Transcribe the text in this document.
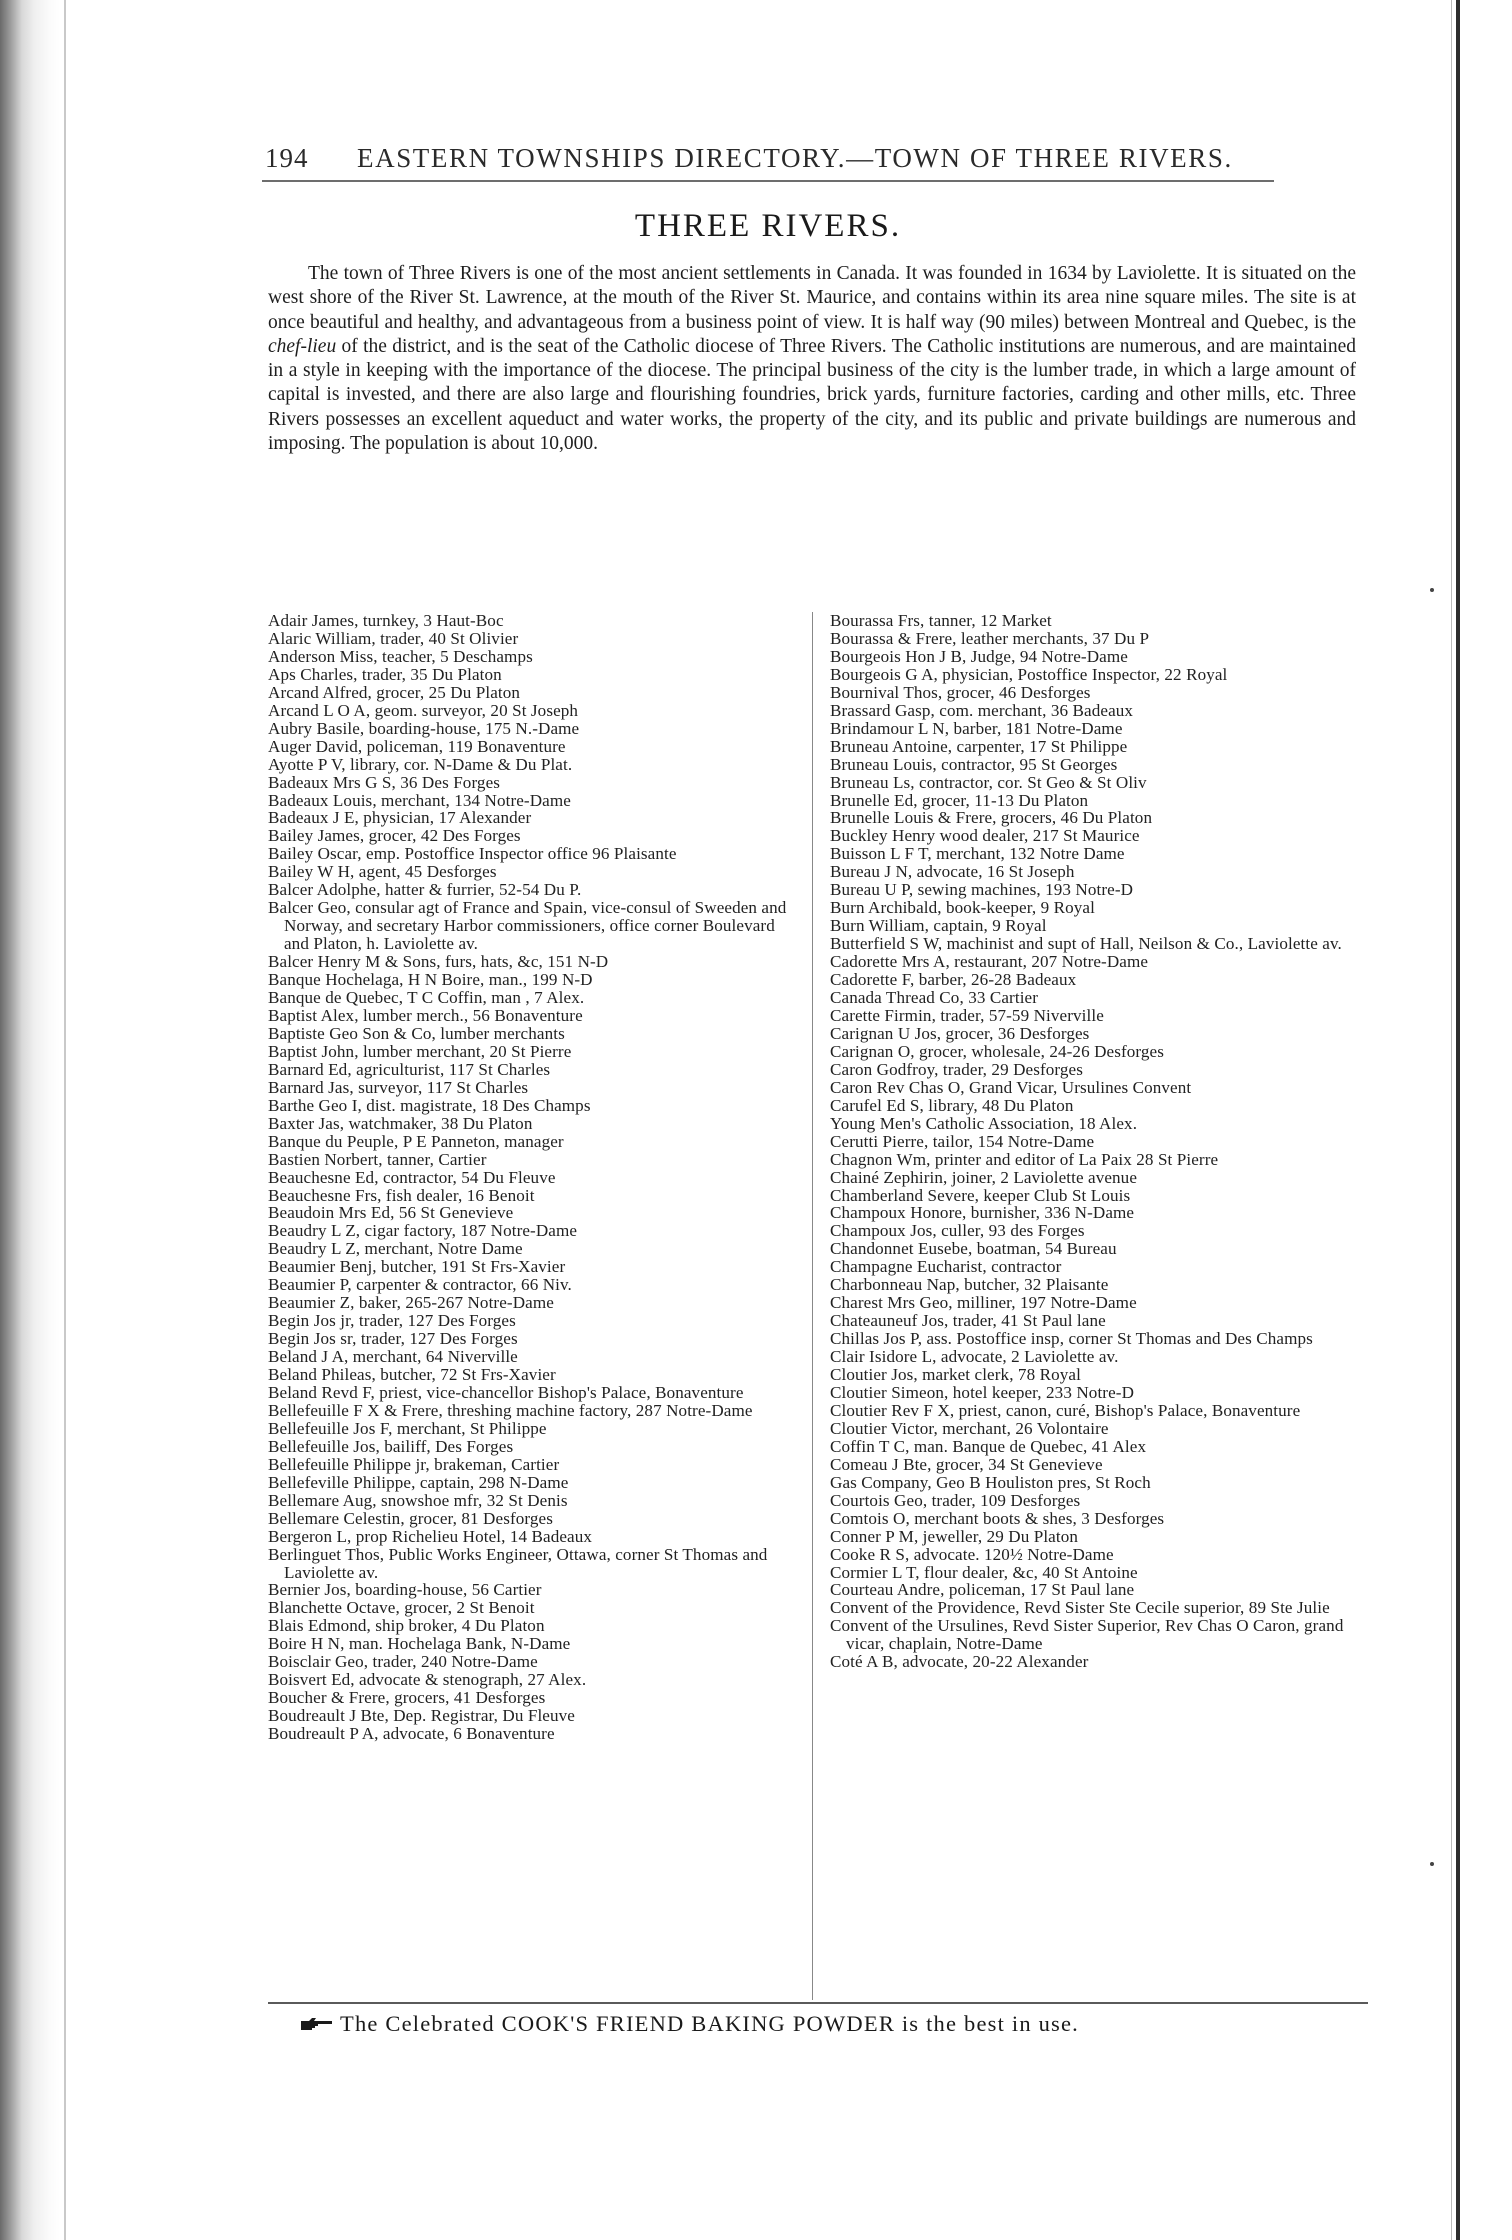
194 EASTERN TOWNSHIPS DIRECTORY.—TOWN OF THREE RIVERS.
THREE RIVERS.
The town of Three Rivers is one of the most ancient settlements in Canada. It was founded in 1634 by Laviolette. It is situated on the west shore of the River St. Lawrence, at the mouth of the River St. Maurice, and contains within its area nine square miles. The site is at once beautiful and healthy, and advantageous from a business point of view. It is half way (90 miles) between Montreal and Quebec, is the chef-lieu of the district, and is the seat of the Catholic diocese of Three Rivers. The Catholic institutions are numerous, and are maintained in a style in keeping with the importance of the diocese. The principal business of the city is the lumber trade, in which a large amount of capital is invested, and there are also large and flourishing foundries, brick yards, furniture factories, carding and other mills, etc. Three Rivers possesses an excellent aqueduct and water works, the property of the city, and its public and private buildings are numerous and imposing. The population is about 10,000.
Adair James, turnkey, 3 Haut-Boc
Alaric William, trader, 40 St Olivier
Anderson Miss, teacher, 5 Deschamps
Aps Charles, trader, 35 Du Platon
Arcand Alfred, grocer, 25 Du Platon
Arcand L O A, geom. surveyor, 20 St Joseph
Aubry Basile, boarding-house, 175 N.-Dame
Auger David, policeman, 119 Bonaventure
Ayotte P V, library, cor. N-Dame & Du Plat.
Badeaux Mrs G S, 36 Des Forges
Badeaux Louis, merchant, 134 Notre-Dame
Badeaux J E, physician, 17 Alexander
Bailey James, grocer, 42 Des Forges
Bailey Oscar, emp. Postoffice Inspector office 96 Plaisante
Bailey W H, agent, 45 Desforges
Balcer Adolphe, hatter & furrier, 52-54 Du P.
Balcer Geo, consular agt of France and Spain, vice-consul of Sweeden and Norway, and secretary Harbor commissioners, office corner Boulevard and Platon, h. Laviolette av.
Balcer Henry M & Sons, furs, hats, &c, 151 N-D
Banque Hochelaga, H N Boire, man., 199 N-D
Banque de Quebec, T C Coffin, man , 7 Alex.
Baptist Alex, lumber merch., 56 Bonaventure
Baptiste Geo Son & Co, lumber merchants
Baptist John, lumber merchant, 20 St Pierre
Barnard Ed, agriculturist, 117 St Charles
Barnard Jas, surveyor, 117 St Charles
Barthe Geo I, dist. magistrate, 18 Des Champs
Baxter Jas, watchmaker, 38 Du Platon
Banque du Peuple, P E Panneton, manager
Bastien Norbert, tanner, Cartier
Beauchesne Ed, contractor, 54 Du Fleuve
Beauchesne Frs, fish dealer, 16 Benoit
Beaudoin Mrs Ed, 56 St Genevieve
Beaudry L Z, cigar factory, 187 Notre-Dame
Beaudry L Z, merchant, Notre Dame
Beaumier Benj, butcher, 191 St Frs-Xavier
Beaumier P, carpenter & contractor, 66 Niv.
Beaumier Z, baker, 265-267 Notre-Dame
Begin Jos jr, trader, 127 Des Forges
Begin Jos sr, trader, 127 Des Forges
Beland J A, merchant, 64 Niverville
Beland Phileas, butcher, 72 St Frs-Xavier
Beland Revd F, priest, vice-chancellor Bishop's Palace, Bonaventure
Bellefeuille F X & Frere, threshing machine factory, 287 Notre-Dame
Bellefeuille Jos F, merchant, St Philippe
Bellefeuille Jos, bailiff, Des Forges
Bellefeuille Philippe jr, brakeman, Cartier
Bellefeville Philippe, captain, 298 N-Dame
Bellemare Aug, snowshoe mfr, 32 St Denis
Bellemare Celestin, grocer, 81 Desforges
Bergeron L, prop Richelieu Hotel, 14 Badeaux
Berlinguet Thos, Public Works Engineer, Ottawa, corner St Thomas and Laviolette av.
Bernier Jos, boarding-house, 56 Cartier
Blanchette Octave, grocer, 2 St Benoit
Blais Edmond, ship broker, 4 Du Platon
Boire H N, man. Hochelaga Bank, N-Dame
Boisclair Geo, trader, 240 Notre-Dame
Boisvert Ed, advocate & stenograph, 27 Alex.
Boucher & Frere, grocers, 41 Desforges
Boudreault J Bte, Dep. Registrar, Du Fleuve
Boudreault P A, advocate, 6 Bonaventure
Bourassa Frs, tanner, 12 Market
Bourassa & Frere, leather merchants, 37 Du P
Bourgeois Hon J B, Judge, 94 Notre-Dame
Bourgeois G A, physician, Postoffice Inspector, 22 Royal
Bournival Thos, grocer, 46 Desforges
Brassard Gasp, com. merchant, 36 Badeaux
Brindamour L N, barber, 181 Notre-Dame
Bruneau Antoine, carpenter, 17 St Philippe
Bruneau Louis, contractor, 95 St Georges
Bruneau Ls, contractor, cor. St Geo & St Oliv
Brunelle Ed, grocer, 11-13 Du Platon
Brunelle Louis & Frere, grocers, 46 Du Platon
Buckley Henry wood dealer, 217 St Maurice
Buisson L F T, merchant, 132 Notre Dame
Bureau J N, advocate, 16 St Joseph
Bureau U P, sewing machines, 193 Notre-D
Burn Archibald, book-keeper, 9 Royal
Burn William, captain, 9 Royal
Butterfield S W, machinist and supt of Hall, Neilson & Co., Laviolette av.
Cadorette Mrs A, restaurant, 207 Notre-Dame
Cadorette F, barber, 26-28 Badeaux
Canada Thread Co, 33 Cartier
Carette Firmin, trader, 57-59 Niverville
Carignan U Jos, grocer, 36 Desforges
Carignan O, grocer, wholesale, 24-26 Desforges
Caron Godfroy, trader, 29 Desforges
Caron Rev Chas O, Grand Vicar, Ursulines Convent
Carufel Ed S, library, 48 Du Platon
Young Men's Catholic Association, 18 Alex.
Cerutti Pierre, tailor, 154 Notre-Dame
Chagnon Wm, printer and editor of La Paix 28 St Pierre
Chainé Zephirin, joiner, 2 Laviolette avenue
Chamberland Severe, keeper Club St Louis
Champoux Honore, burnisher, 336 N-Dame
Champoux Jos, culler, 93 des Forges
Chandonnet Eusebe, boatman, 54 Bureau
Champagne Eucharist, contractor
Charbonneau Nap, butcher, 32 Plaisante
Charest Mrs Geo, milliner, 197 Notre-Dame
Chateauneuf Jos, trader, 41 St Paul lane
Chillas Jos P, ass. Postoffice insp, corner St Thomas and Des Champs
Clair Isidore L, advocate, 2 Laviolette av.
Cloutier Jos, market clerk, 78 Royal
Cloutier Simeon, hotel keeper, 233 Notre-D
Cloutier Rev F X, priest, canon, curé, Bishop's Palace, Bonaventure
Cloutier Victor, merchant, 26 Volontaire
Coffin T C, man. Banque de Quebec, 41 Alex
Comeau J Bte, grocer, 34 St Genevieve
Gas Company, Geo B Houliston pres, St Roch
Courtois Geo, trader, 109 Desforges
Comtois O, merchant boots & shes, 3 Desforges
Conner P M, jeweller, 29 Du Platon
Cooke R S, advocate. 120½ Notre-Dame
Cormier L T, flour dealer, &c, 40 St Antoine
Courteau Andre, policeman, 17 St Paul lane
Convent of the Providence, Revd Sister Ste Cecile superior, 89 Ste Julie
Convent of the Ursulines, Revd Sister Superior, Rev Chas O Caron, grand vicar, chaplain, Notre-Dame
Coté A B, advocate, 20-22 Alexander
The Celebrated COOK'S FRIEND BAKING POWDER is the best in use.
